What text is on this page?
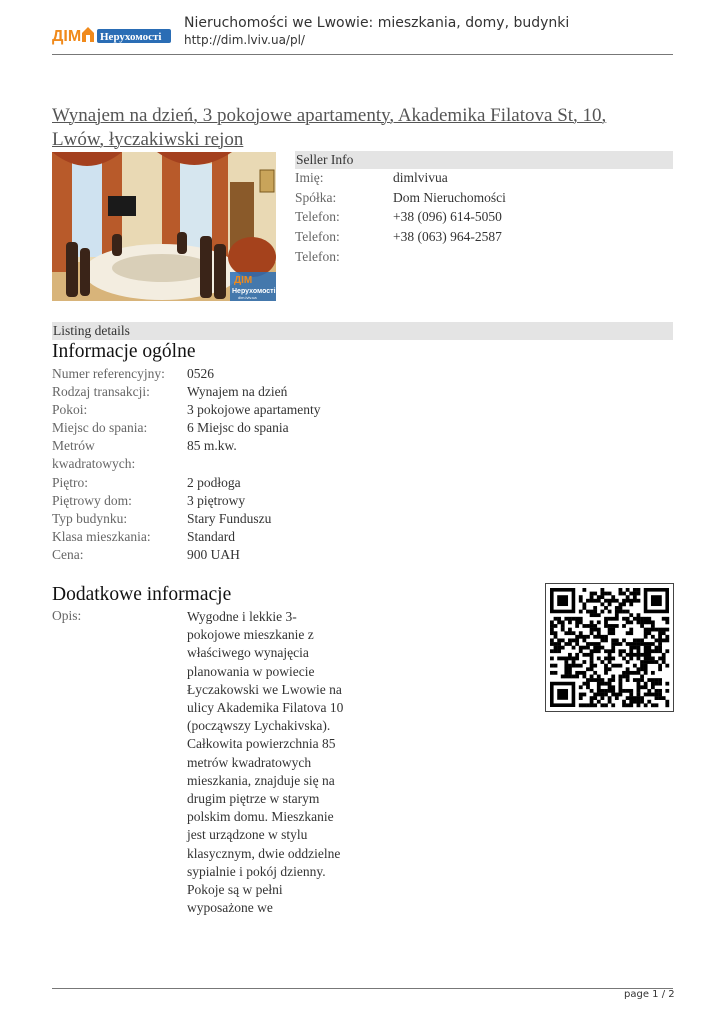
ДІМ Нерухомості
Nieruchomości we Lwowie: mieszkania, domy, budynki
http://dim.lviv.ua/pl/
Wynajem na dzień, 3 pokojowe apartamenty, Akademika Filatova St, 10, Lwów, łyczakiwski rejon
ДІМ
Нерухомості
dim.lviv.ua
Seller Info
Imię:	dimlvivua
Spółka:	Dom Nieruchomości
Telefon:	+38 (096) 614-5050
Telefon:	+38 (063) 964-2587
Telefon:
Listing details
Informacje ogólne
Numer referencyjny: 0526
Rodzaj transakcji:	Wynajem na dzień
Pokoi:	3 pokojowe apartamenty
Miejsc do spania:	6 Miejsc do spania
Metrów
kwadratowych:
85 m.kw.
Piętro:	2 podłoga
Piętrowy dom:	3 piętrowy
Typ budynku:	Stary Funduszu
Klasa mieszkania:	Standard
Cena:	900 UAH
Dodatkowe informacje
Opis:	Wygodne i lekkie 3-pokojowe mieszkanie z właściwego wynajęcia planowania w powiecie Łyczakowski we Lwowie na ulicy Akademika Filatova 10 (począwszy Lychakivska). Całkowita powierzchnia 85 metrów kwadratowych mieszkania, znajduje się na drugim piętrze w starym polskim domu. Mieszkanie jest urządzone w stylu klasycznym, dwie oddzielne sypialnie i pokój dzienny. Pokoje są w pełni wyposażone we
page 1 / 2
